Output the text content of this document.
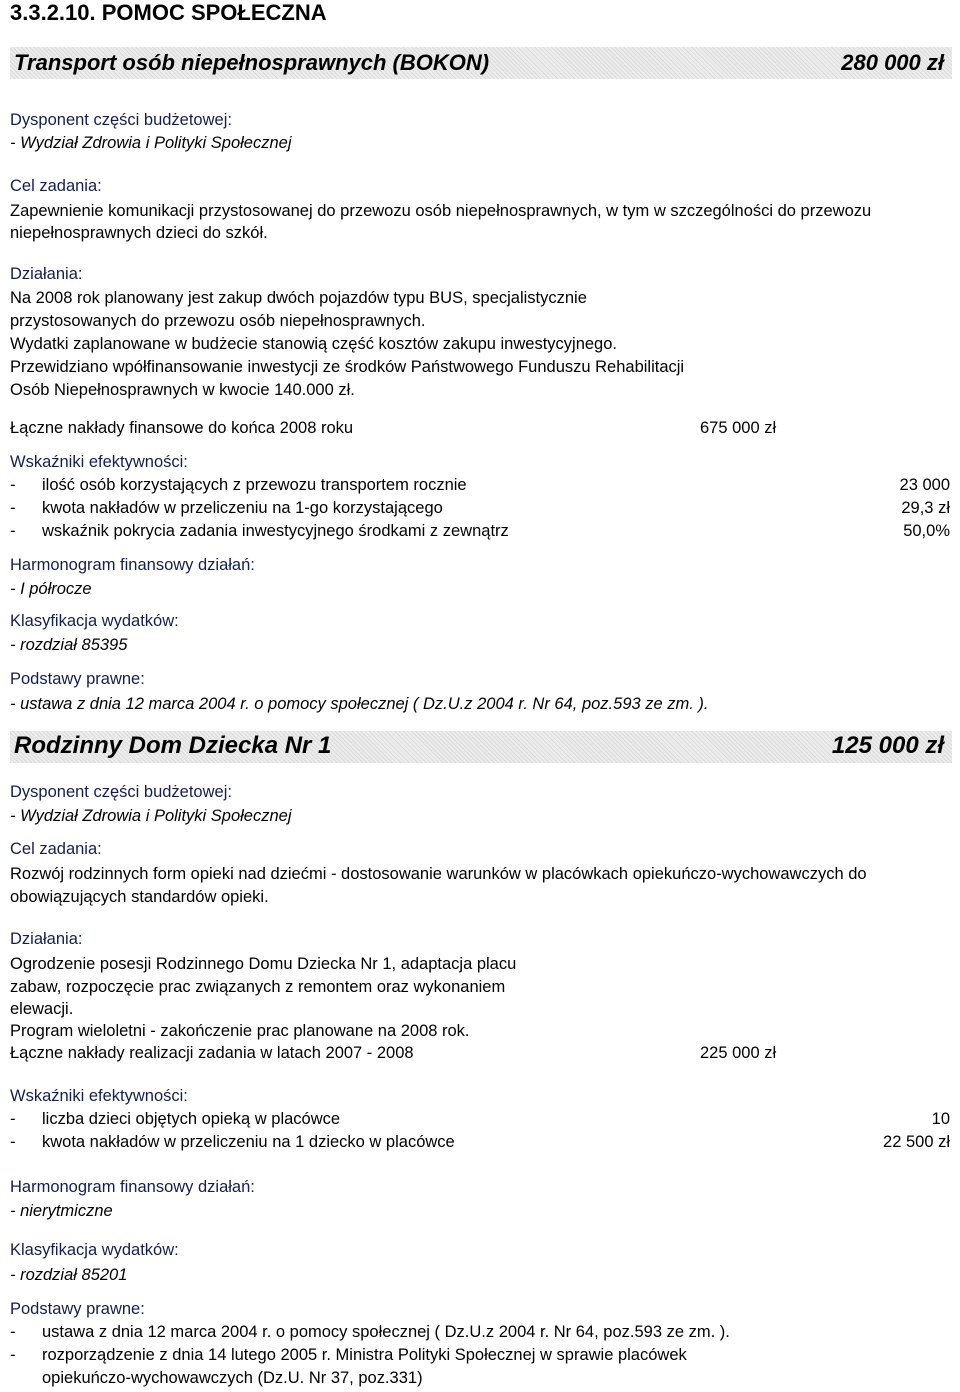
3.3.2.10. POMOC SPOŁECZNA
Transport osób niepełnosprawnych (BOKON)	280 000 zł
Dysponent części budżetowej:
- Wydział Zdrowia i Polityki Społecznej
Cel zadania:
Zapewnienie komunikacji przystosowanej do przewozu osób niepełnosprawnych, w tym w szczególności do przewozu
niepełnosprawnych dzieci do szkół.
Działania:
Na 2008 rok planowany jest zakup dwóch pojazdów typu BUS, specjalistycznie
przystosowanych do przewozu osób niepełnosprawnych.
Wydatki zaplanowane w budżecie stanowią część kosztów zakupu inwestycyjnego.
Przewidziano wpółfinansowanie inwestycji ze środków Państwowego Funduszu Rehabilitacji
Osób Niepełnosprawnych w kwocie 140.000 zł.
Łączne nakłady finansowe do końca 2008 roku	675 000 zł
Wskaźniki efektywności:
- ilość osób korzystających z przewozu transportem rocznie	23 000
- kwota nakładów w przeliczeniu na 1-go korzystającego	29,3 zł
- wskaźnik pokrycia zadania inwestycyjnego środkami z zewnątrz	50,0%
Harmonogram finansowy działań:
- I półrocze
Klasyfikacja wydatków:
- rozdział 85395
Podstawy prawne:
- ustawa z dnia 12 marca 2004 r. o pomocy społecznej ( Dz.U.z 2004 r. Nr 64, poz.593 ze zm. ).
Rodzinny Dom Dziecka Nr 1	125 000 zł
Dysponent części budżetowej:
- Wydział Zdrowia i Polityki Społecznej
Cel zadania:
Rozwój rodzinnych form opieki nad dziećmi - dostosowanie warunków w placówkach opiekuńczo-wychowawczych do
obowiązujących standardów opieki.
Działania:
Ogrodzenie posesji Rodzinnego Domu Dziecka Nr 1, adaptacja placu
zabaw, rozpoczęcie prac związanych z remontem oraz wykonaniem
elewacji.
Program wieloletni - zakończenie prac planowane na 2008 rok.
Łączne nakłady realizacji zadania w latach 2007 - 2008	225 000 zł
Wskaźniki efektywności:
- liczba dzieci objętych opieką w placówce	10
- kwota nakładów w przeliczeniu na 1 dziecko w placówce	22 500 zł
Harmonogram finansowy działań:
- nierytmiczne
Klasyfikacja wydatków:
- rozdział 85201
Podstawy prawne:
- ustawa z dnia 12 marca 2004 r. o pomocy społecznej ( Dz.U.z 2004 r. Nr 64, poz.593 ze zm. ).
- rozporządzenie z dnia 14 lutego 2005 r. Ministra Polityki Społecznej w sprawie placówek
opiekuńczo-wychowawczych (Dz.U. Nr 37, poz.331)
